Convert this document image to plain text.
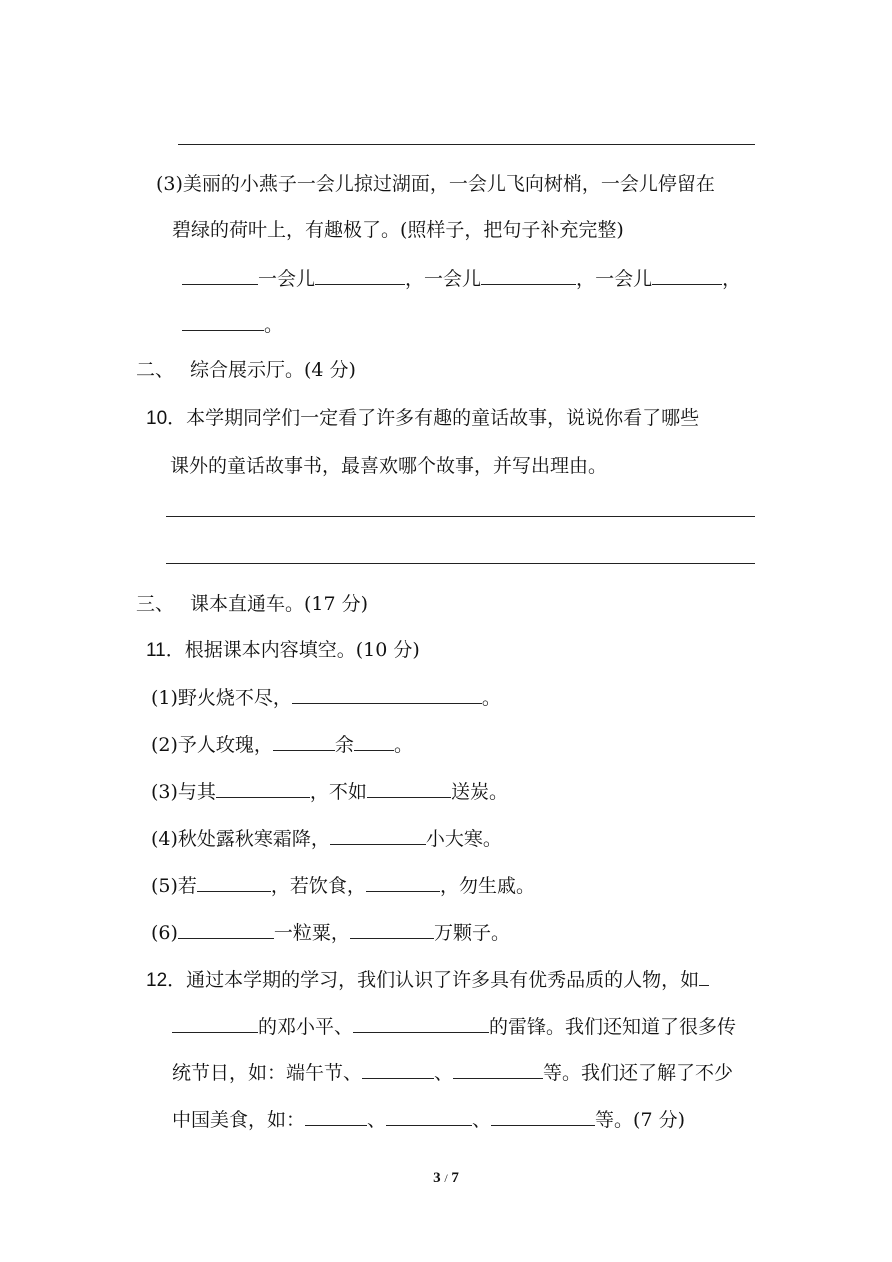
(3)美丽的小燕子一会儿掠过湖面，一会儿飞向树梢，一会儿停留在
碧绿的荷叶上，有趣极了。(照样子，把句子补充完整)
一会儿	，一会儿	，一会儿	，
。
二、 综合展示厅。(4 分)
10．本学期同学们一定看了许多有趣的童话故事，说说你看了哪些
课外的童话故事书，最喜欢哪个故事，并写出理由。
三、 课本直通车。(17 分)
11．根据课本内容填空。(10 分)
(1)野火烧不尽，	。
(2)予人玫瑰，	余 。
(3)与其	，不如	送炭。
(4)秋处露秋寒霜降，	小大寒。
(5)若	，若饮食，	，勿生戚。
(6)	一粒粟，	万颗子。
12．通过本学期的学习，我们认识了许多具有优秀品质的人物，如
的邓小平、	的雷锋。我们还知道了很多传
统节日，如：端午节、	、	等。我们还了解了不少
中国美食，如：	、	、	等。(7 分)
3 / 7
